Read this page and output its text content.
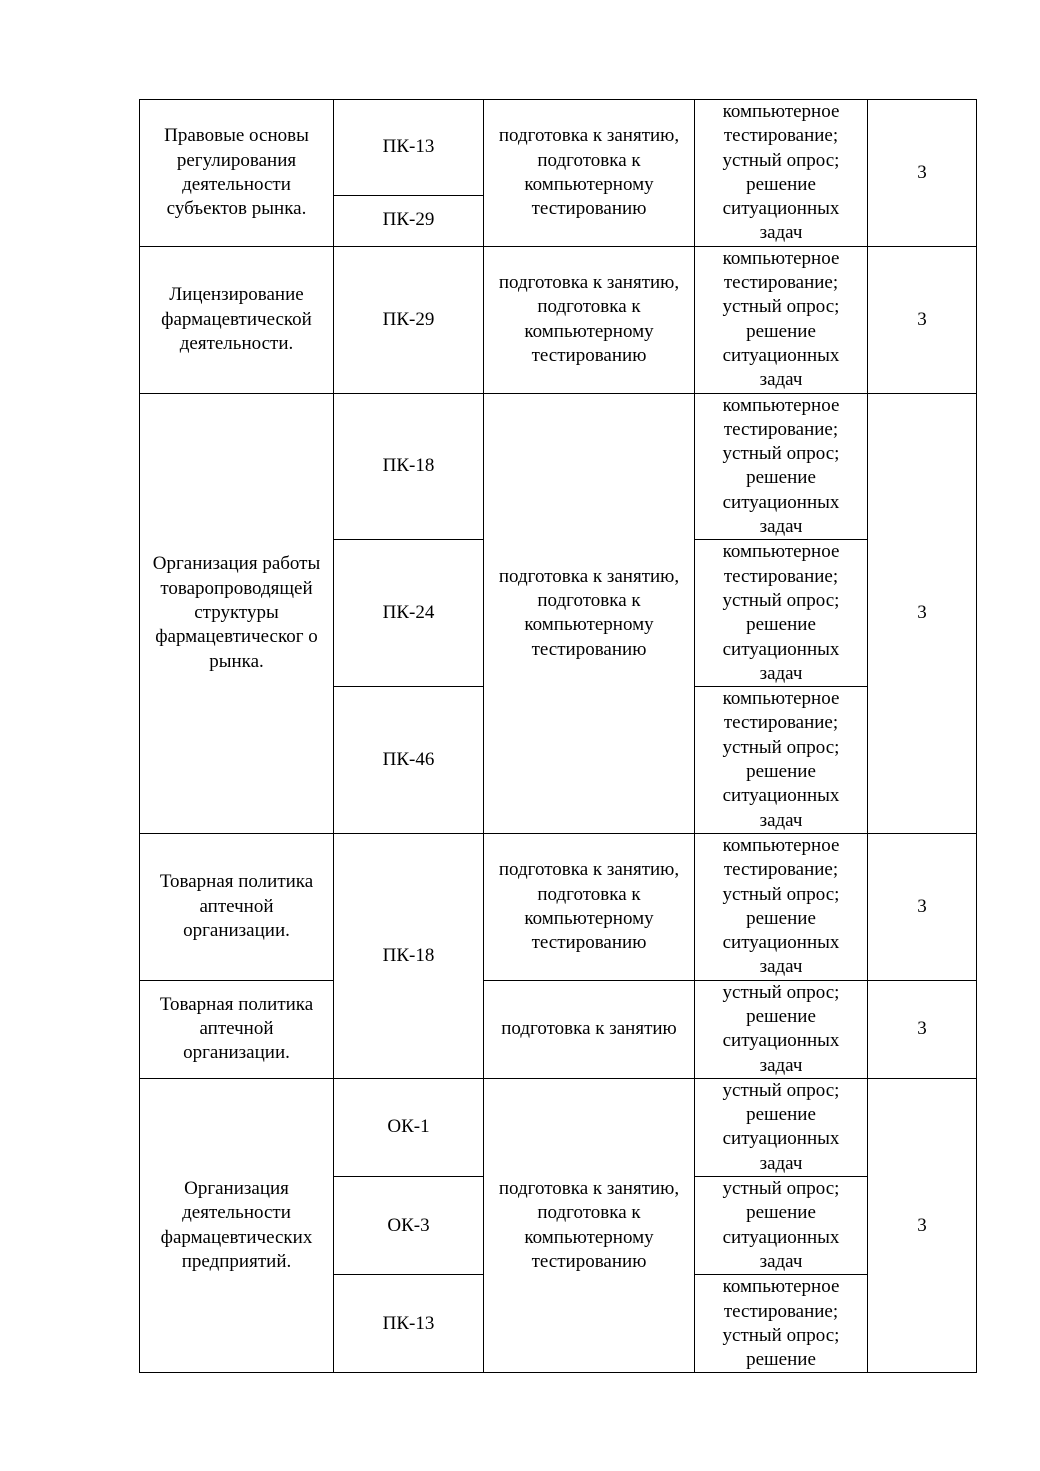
Правовые основы регулирования деятельности субъектов рынка.	ПК-13	подготовка к занятию, подготовка к компьютерному тестированию	компьютерное тестирование; устный опрос; решение ситуационных задач	3
	ПК-29			
Лицензирование фармацевтической деятельности.	ПК-29	подготовка к занятию, подготовка к компьютерному тестированию	компьютерное тестирование; устный опрос; решение ситуационных задач	3
Организация работы товаропроводящей структуры фармацевтическог о рынка.	ПК-18	подготовка к занятию, подготовка к компьютерному тестированию	компьютерное тестирование; устный опрос; решение ситуационных задач	3
	ПК-24		компьютерное тестирование; устный опрос; решение ситуационных задач	
	ПК-46		компьютерное тестирование; устный опрос; решение ситуационных задач	
Товарная политика аптечной организации.	ПК-18	подготовка к занятию, подготовка к компьютерному тестированию	компьютерное тестирование; устный опрос; решение ситуационных задач	3
Товарная политика аптечной организации.		подготовка к занятию	устный опрос; решение ситуационных задач	3
Организация деятельности фармацевтических предприятий.	ОК-1	подготовка к занятию, подготовка к компьютерному тестированию	устный опрос; решение ситуационных задач	3
	ОК-3		устный опрос; решение ситуационных задач	
	ПК-13		компьютерное тестирование; устный опрос; решение	
